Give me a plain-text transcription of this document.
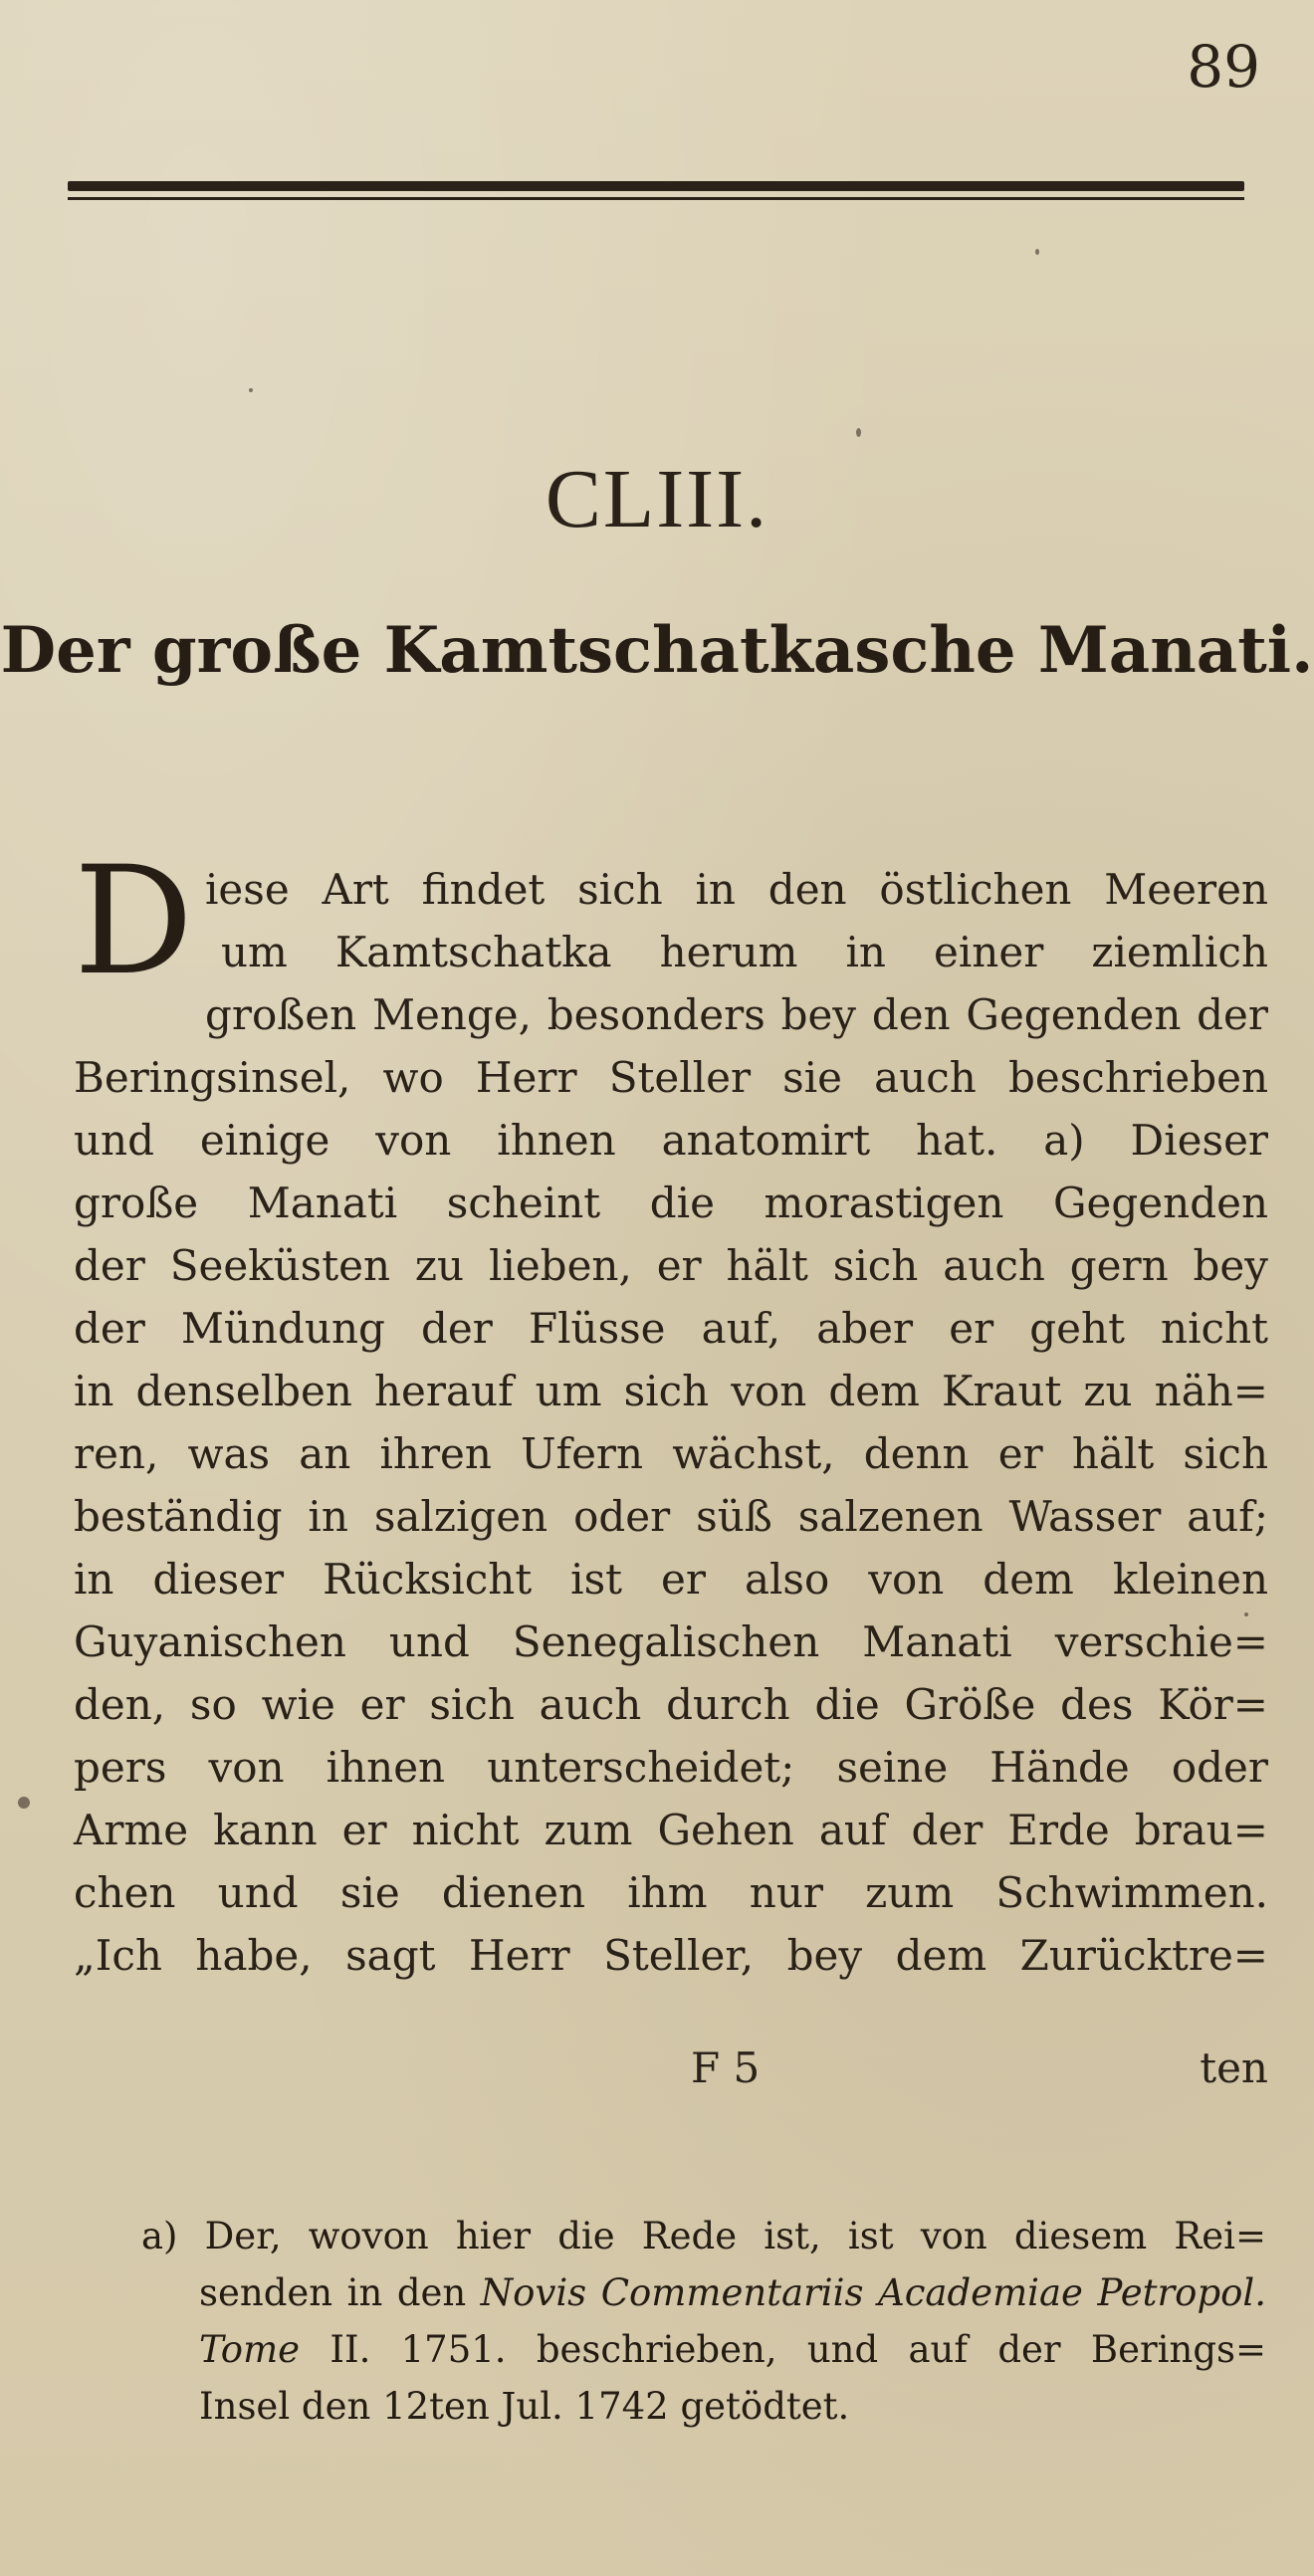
89
CLIII.
Der große Kamtschatkasche Manati.
D iese Art findet sich in den östlichen Meeren
um Kamtschatka herum in einer ziemlich
großen Menge, besonders bey den Gegenden der
Beringsinsel, wo Herr Steller sie auch beschrieben
und einige von ihnen anatomirt hat. a) Dieser
große Manati scheint die morastigen Gegenden
der Seeküsten zu lieben, er hält sich auch gern bey
der Mündung der Flüsse auf, aber er geht nicht
in denselben herauf um sich von dem Kraut zu näh=
ren, was an ihren Ufern wächst, denn er hält sich
beständig in salzigen oder süß salzenen Wasser auf;
in dieser Rücksicht ist er also von dem kleinen
Guyanischen und Senegalischen Manati verschie=
den, so wie er sich auch durch die Größe des Kör=
pers von ihnen unterscheidet; seine Hände oder
Arme kann er nicht zum Gehen auf der Erde brau=
chen und sie dienen ihm nur zum Schwimmen.
„Ich habe, sagt Herr Steller, bey dem Zurücktre=
F 5	ten
a) Der, wovon hier die Rede ist, ist von diesem Rei=
senden in den Novis Commentariis Academiae Petropol.
Tome II. 1751. beschrieben, und auf der Berings=
Insel den 12ten Jul. 1742 getödtet.
